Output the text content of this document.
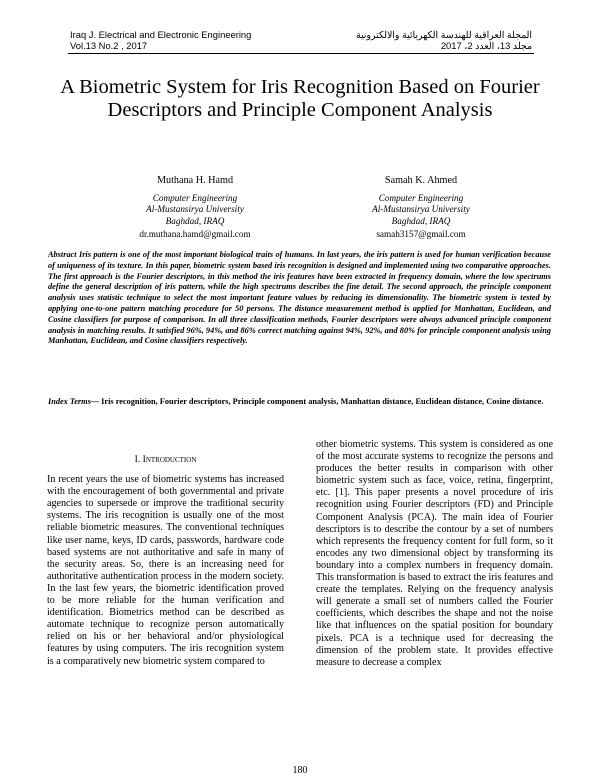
Iraq J. Electrical and Electronic Engineering
Vol.13 No.2 , 2017
المجلة العراقية للهندسة الكهربائية والالكترونية
مجلد 13، العدد 2، 2017
A Biometric System for Iris Recognition Based on Fourier Descriptors and Principle Component Analysis
Muthana H. Hamd
Computer Engineering
Al-Mustansirya University
Baghdad, IRAQ
dr.muthana.hamd@gmail.com
Samah K. Ahmed
Computer Engineering
Al-Mustansirya University
Baghdad, IRAQ
samah3157@gmail.com
Abstract Iris pattern is one of the most important biological traits of humans. In last years, the iris pattern is used for human verification because of uniqueness of its texture. In this paper, biometric system based iris recognition is designed and implemented using two comparative approaches. The first approach is the Fourier descriptors, in this method the iris features have been extracted in frequency domain, where the low spectrums define the general description of iris pattern, while the high spectrums describes the fine detail. The second approach, the principle component analysis uses statistic technique to select the most important feature values by reducing its dimensionality. The biometric system is tested by applying one-to-one pattern matching procedure for 50 persons. The distance measurement method is applied for Manhattan, Euclidean, and Cosine classifiers for purpose of comparison. In all three classification methods, Fourier descriptors were always advanced principle component analysis in matching results. It satisfied 96%, 94%, and 86% correct matching against 94%, 92%, and 80% for principle component analysis using Manhattan, Euclidean, and Cosine classifiers respectively.
Index Terms— Iris recognition, Fourier descriptors, Principle component analysis, Manhattan distance, Euclidean distance, Cosine distance.
I. Introduction
In recent years the use of biometric systems has increased with the encouragement of both governmental and private agencies to supersede or improve the traditional security systems. The iris recognition is usually one of the most reliable biometric measures. The conventional techniques like user name, keys, ID cards, passwords, hardware code based systems are not authoritative and safe in many of the security areas. So, there is an increasing need for authoritative authentication process in the modern society. In the last few years, the biometric identification proved to be more reliable for the human verification and identification. Biometrics method can be described as automate technique to recognize person automatically relied on his or her behavioral and/or physiological features by using computers. The iris recognition system is a comparatively new biometric system compared to
other biometric systems. This system is considered as one of the most accurate systems to recognize the persons and produces the better results in comparison with other biometric system such as face, voice, retina, fingerprint, etc. [1]. This paper presents a novel procedure of iris recognition using Fourier descriptors (FD) and Principle Component Analysis (PCA). The main idea of Fourier descriptors is to describe the contour by a set of numbers which represents the frequency content for full form, so it encodes any two dimensional object by transforming its boundary into a complex numbers in frequency domain. This transformation is based to extract the iris features and create the templates. Relying on the frequency analysis will generate a small set of numbers called the Fourier coefficients, which describes the shape and not the noise like that influences on the spatial position for boundary pixels. PCA is a technique used for decreasing the dimension of the problem state. It provides effective measure to decrease a complex
180
